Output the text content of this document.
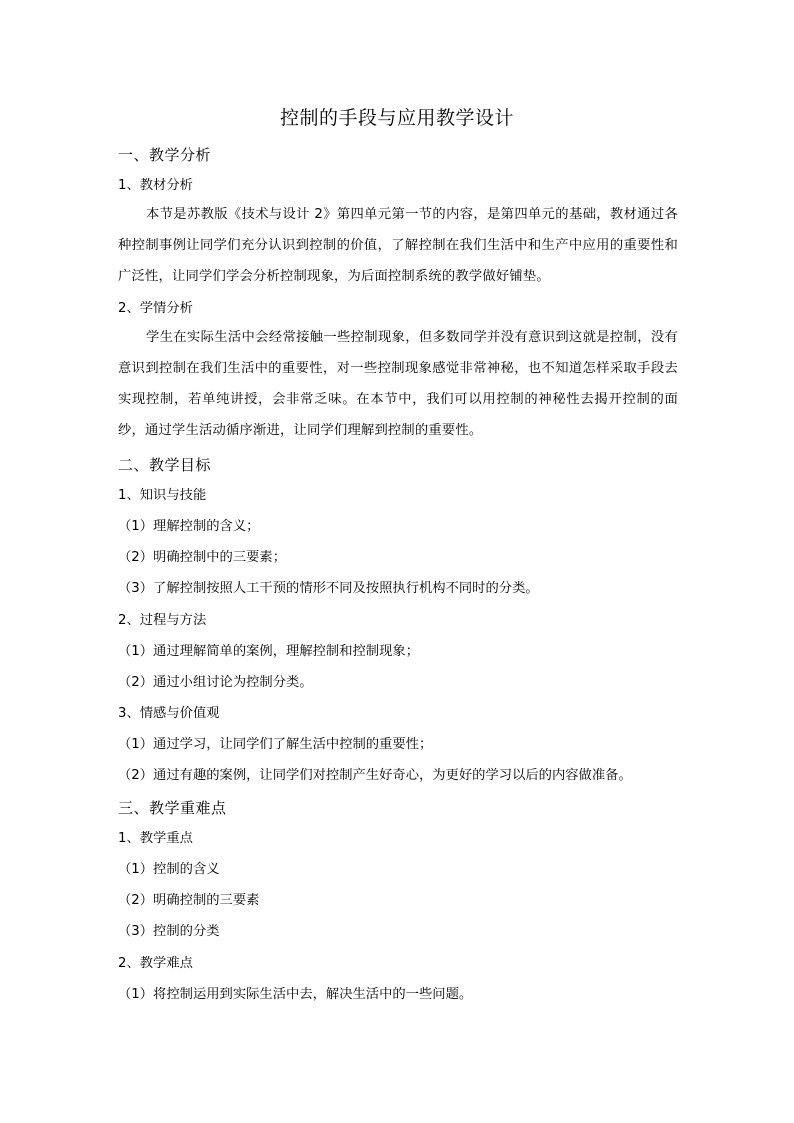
控制的手段与应用教学设计
一、教学分析
1、教材分析
本节是苏教版《技术与设计 2》第四单元第一节的内容，是第四单元的基础，教材通过各种控制事例让同学们充分认识到控制的价值，了解控制在我们生活中和生产中应用的重要性和广泛性，让同学们学会分析控制现象，为后面控制系统的教学做好铺垫。
2、学情分析
学生在实际生活中会经常接触一些控制现象，但多数同学并没有意识到这就是控制，没有意识到控制在我们生活中的重要性，对一些控制现象感觉非常神秘，也不知道怎样采取手段去实现控制，若单纯讲授，会非常乏味。在本节中，我们可以用控制的神秘性去揭开控制的面纱，通过学生活动循序渐进，让同学们理解到控制的重要性。
二、教学目标
1、知识与技能
（1）理解控制的含义；
（2）明确控制中的三要素；
（3）了解控制按照人工干预的情形不同及按照执行机构不同时的分类。
2、过程与方法
（1）通过理解简单的案例，理解控制和控制现象；
（2）通过小组讨论为控制分类。
3、情感与价值观
（1）通过学习，让同学们了解生活中控制的重要性；
（2）通过有趣的案例，让同学们对控制产生好奇心，为更好的学习以后的内容做准备。
三、教学重难点
1、教学重点
（1）控制的含义
（2）明确控制的三要素
（3）控制的分类
2、教学难点
（1）将控制运用到实际生活中去，解决生活中的一些问题。
